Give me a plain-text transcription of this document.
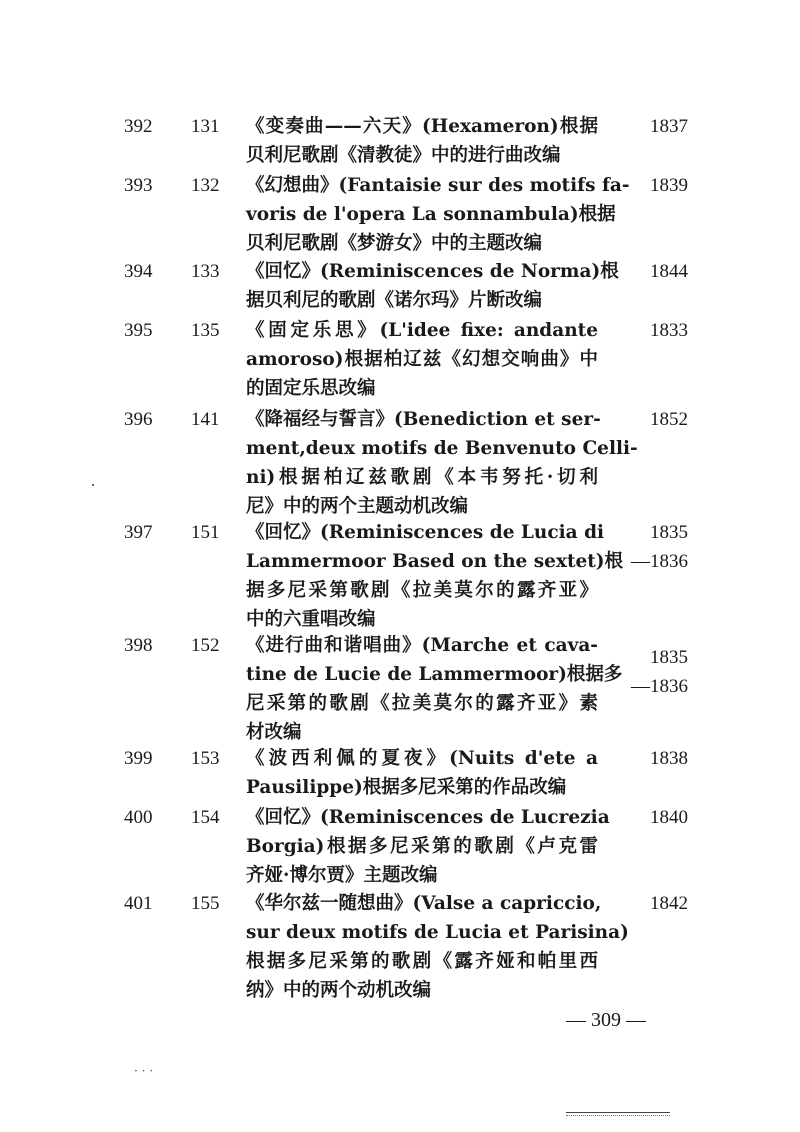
392 131 《变奏曲——六天》(Hexameron)根据
贝利尼歌剧《清教徒》中的进行曲改编
1837
393 132 《幻想曲》(Fantaisie sur des motifs fa-
voris de l'opera La sonnambula)根据
贝利尼歌剧《梦游女》中的主题改编
1839
394 133 《回忆》(Reminiscences de Norma)根
据贝利尼的歌剧《诺尔玛》片断改编
1844
395 135 《固定乐思》(L'idee fixe: andante
amoroso)根据柏辽兹《幻想交响曲》中
的固定乐思改编
1833
396 141 《降福经与誓言》(Benediction et ser-
ment,deux motifs de Benvenuto Celli-
ni)根据柏辽兹歌剧《本韦努托·切利
尼》中的两个主题动机改编
1852
397 151 《回忆》(Reminiscences de Lucia di
Lammermoor Based on the sextet)根
据多尼采第歌剧《拉美莫尔的露齐亚》
中的六重唱改编
1835
—1836
398 152 《进行曲和谐唱曲》(Marche et cava-
tine de Lucie de Lammermoor)根据多
尼采第的歌剧《拉美莫尔的露齐亚》素
材改编
1835
—1836
399 153 《波西利佩的夏夜》(Nuits d'ete a
Pausilippe)根据多尼采第的作品改编
1838
400 154 《回忆》(Reminiscences de Lucrezia
Borgia)根据多尼采第的歌剧《卢克雷
齐娅·博尔贾》主题改编
1840
401 155 《华尔兹一随想曲》(Valse a capriccio,
sur deux motifs de Lucia et Parisina)
根据多尼采第的歌剧《露齐娅和帕里西
纳》中的两个动机改编
1842
— 309 —
· · ·
